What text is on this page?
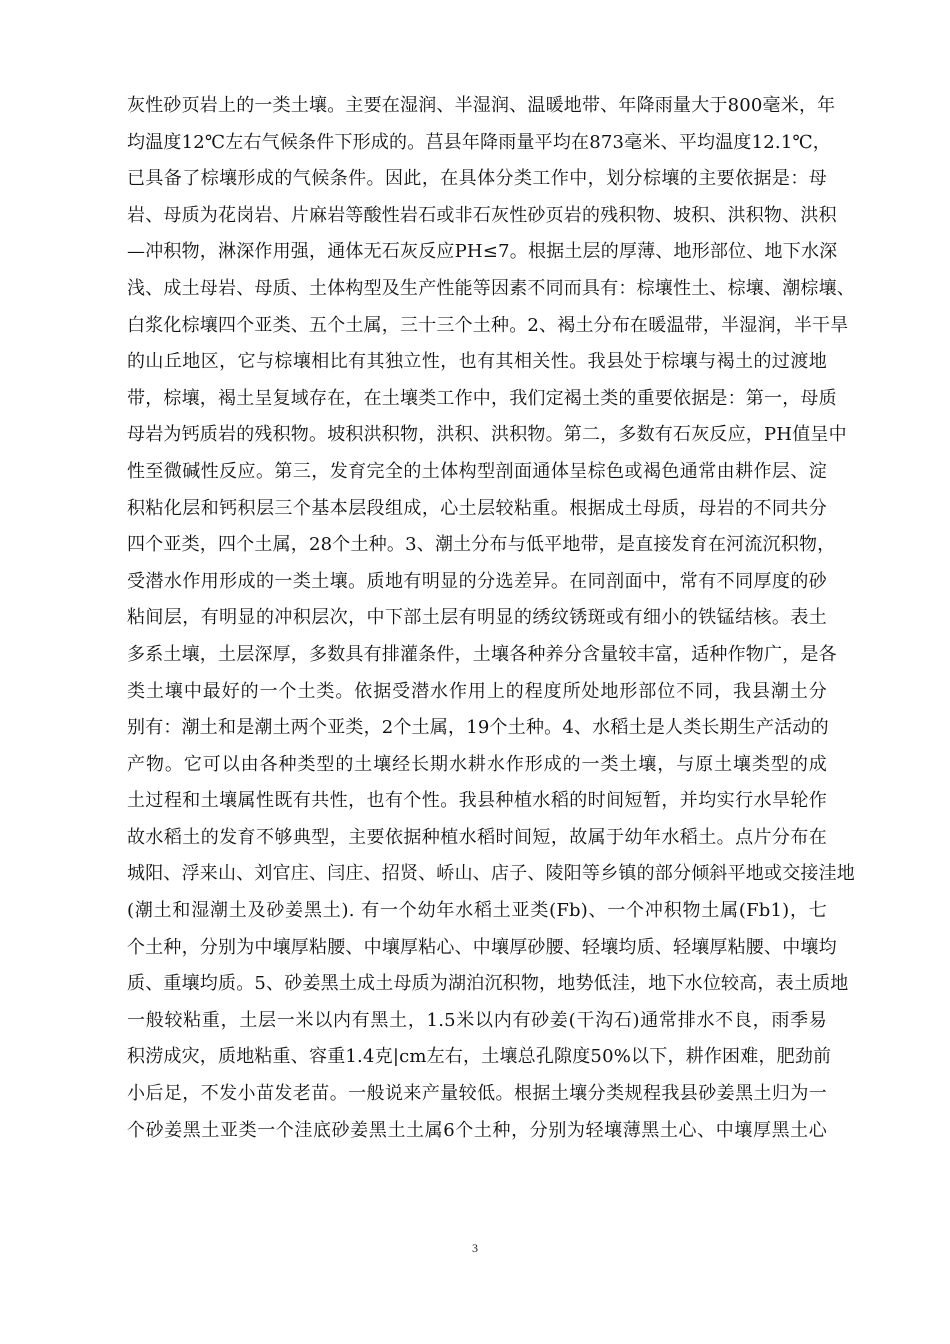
灰性砂页岩上的一类土壤。主要在湿润、半湿润、温暖地带、年降雨量大于800毫米，年
均温度12℃左右气候条件下形成的。莒县年降雨量平均在873毫米、平均温度12.1℃，
已具备了棕壤形成的气候条件。因此，在具体分类工作中，划分棕壤的主要依据是：母
岩、母质为花岗岩、片麻岩等酸性岩石或非石灰性砂页岩的残积物、坡积、洪积物、洪积
—冲积物，淋深作用强，通体无石灰反应PH≤7。根据土层的厚薄、地形部位、地下水深
浅、成土母岩、母质、土体构型及生产性能等因素不同而具有：棕壤性土、棕壤、潮棕壤、
白浆化棕壤四个亚类、五个土属，三十三个土种。2、褐土分布在暖温带，半湿润，半干旱
的山丘地区，它与棕壤相比有其独立性，也有其相关性。我县处于棕壤与褐土的过渡地
带，棕壤，褐土呈复域存在，在土壤类工作中，我们定褐土类的重要依据是：第一，母质
母岩为钙质岩的残积物。坡积洪积物，洪积、洪积物。第二，多数有石灰反应，PH值呈中
性至微碱性反应。第三，发育完全的土体构型剖面通体呈棕色或褐色通常由耕作层、淀
积粘化层和钙积层三个基本层段组成，心土层较粘重。根据成土母质，母岩的不同共分
四个亚类，四个土属，28个土种。3、潮土分布与低平地带，是直接发育在河流沉积物，
受潜水作用形成的一类土壤。质地有明显的分选差异。在同剖面中，常有不同厚度的砂
粘间层，有明显的冲积层次，中下部土层有明显的绣纹锈斑或有细小的铁锰结核。表土
多系土壤，土层深厚，多数具有排灌条件，土壤各种养分含量较丰富，适种作物广，是各
类土壤中最好的一个土类。依据受潜水作用上的程度所处地形部位不同，我县潮土分
别有：潮土和是潮土两个亚类，2个土属，19个土种。4、水稻土是人类长期生产活动的
产物。它可以由各种类型的土壤经长期水耕水作形成的一类土壤，与原土壤类型的成
土过程和土壤属性既有共性，也有个性。我县种植水稻的时间短暂，并均实行水旱轮作
故水稻土的发育不够典型，主要依据种植水稻时间短，故属于幼年水稻土。点片分布在
城阳、浮来山、刘官庄、闫庄、招贤、峤山、店子、陵阳等乡镇的部分倾斜平地或交接洼地
(潮土和湿潮土及砂姜黑土). 有一个幼年水稻土亚类(Fb)、一个冲积物土属(Fb1)，七
个土种，分别为中壤厚粘腰、中壤厚粘心、中壤厚砂腰、轻壤均质、轻壤厚粘腰、中壤均
质、重壤均质。5、砂姜黑土成土母质为湖泊沉积物，地势低洼，地下水位较高，表土质地
一般较粘重，土层一米以内有黑土，1.5米以内有砂姜(干沟石)通常排水不良，雨季易
积涝成灾，质地粘重、容重1.4克|cm左右，土壤总孔隙度50%以下，耕作困难，肥劲前
小后足，不发小苗发老苗。一般说来产量较低。根据土壤分类规程我县砂姜黑土归为一
个砂姜黑土亚类一个洼底砂姜黑土土属6个土种，分别为轻壤薄黑土心、中壤厚黑土心
3
